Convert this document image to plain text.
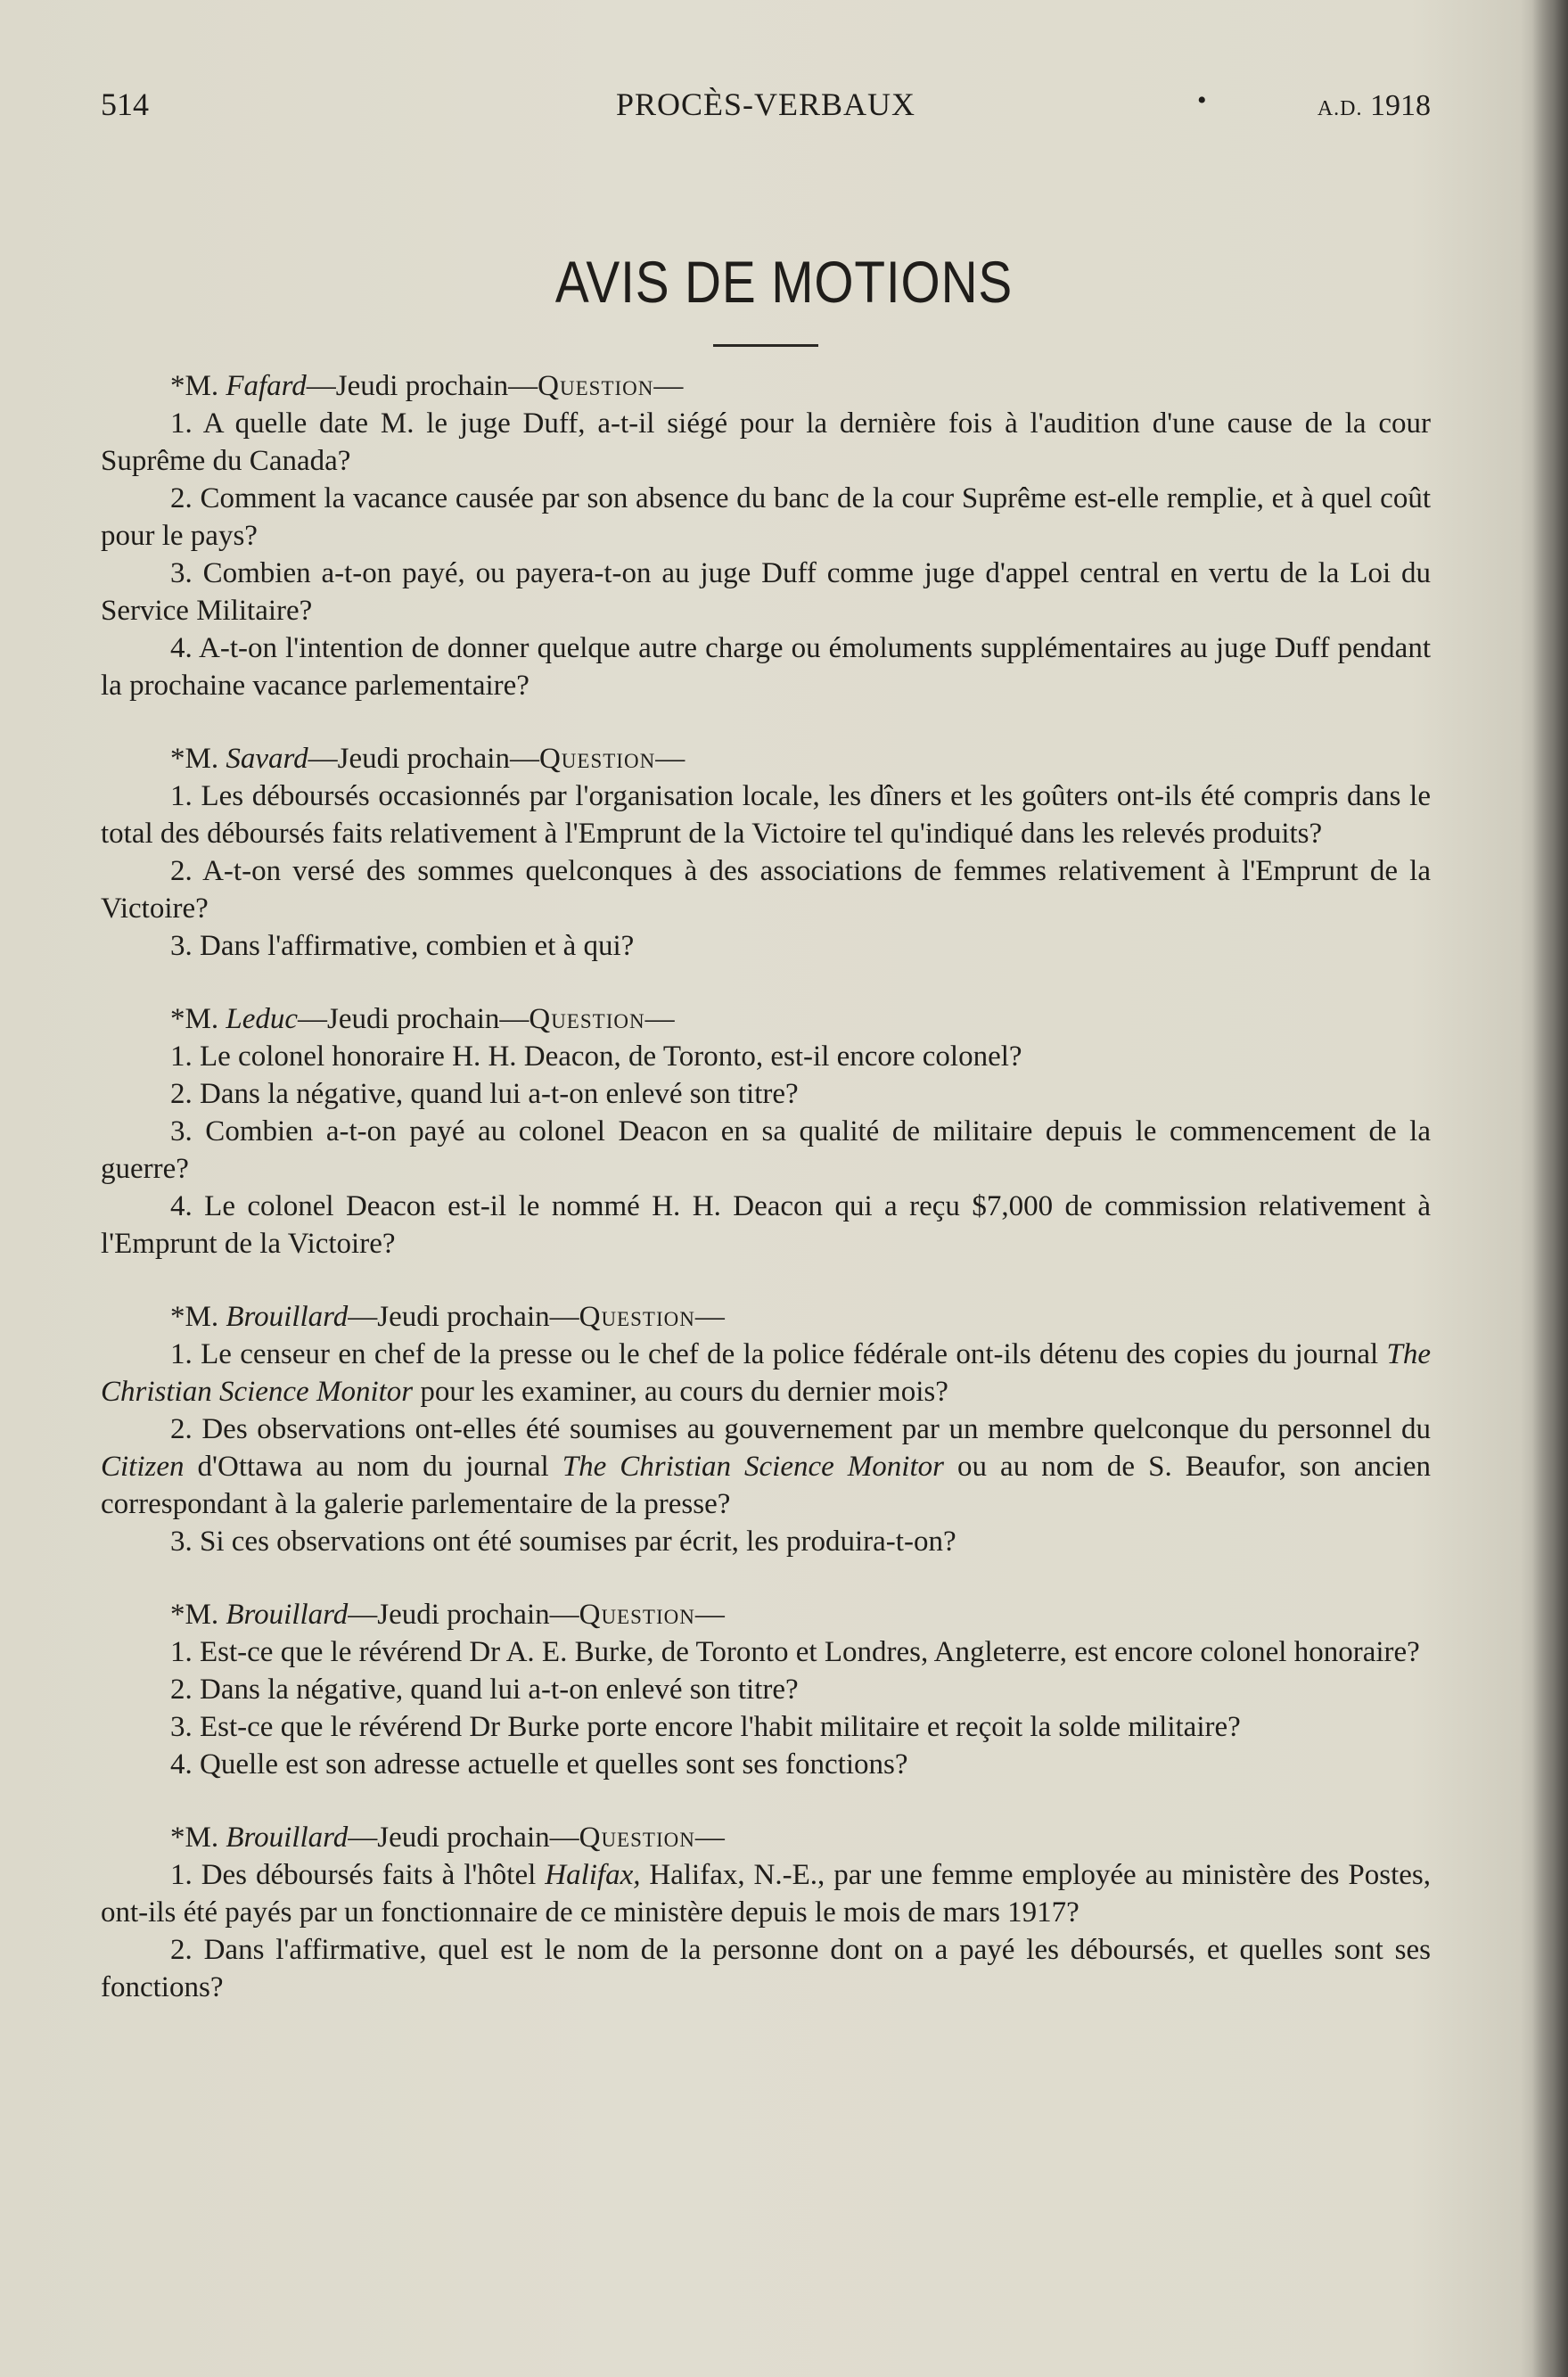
514	PROCÈS-VERBAUX	•	A.D. 1918
AVIS DE MOTIONS

*M. Fafard—Jeudi prochain—Question—

1. A quelle date M. le juge Duff, a-t-il siégé pour la dernière fois à l'audition d'une cause de la cour Suprême du Canada?

2. Comment la vacance causée par son absence du banc de la cour Suprême est-elle remplie, et à quel coût pour le pays?

3. Combien a-t-on payé, ou payera-t-on au juge Duff comme juge d'appel central en vertu de la Loi du Service Militaire?

4. A-t-on l'intention de donner quelque autre charge ou émoluments supplémentaires au juge Duff pendant la prochaine vacance parlementaire?

*M. Savard—Jeudi prochain—Question—

1. Les déboursés occasionnés par l'organisation locale, les dîners et les goûters ont-ils été compris dans le total des déboursés faits relativement à l'Emprunt de la Victoire tel qu'indiqué dans les relevés produits?

2. A-t-on versé des sommes quelconques à des associations de femmes relativement à l'Emprunt de la Victoire?

3. Dans l'affirmative, combien et à qui?

*M. Leduc—Jeudi prochain—Question—

1. Le colonel honoraire H. H. Deacon, de Toronto, est-il encore colonel?

2. Dans la négative, quand lui a-t-on enlevé son titre?

3. Combien a-t-on payé au colonel Deacon en sa qualité de militaire depuis le commencement de la guerre?

4. Le colonel Deacon est-il le nommé H. H. Deacon qui a reçu $7,000 de commission relativement à l'Emprunt de la Victoire?

*M. Brouillard—Jeudi prochain—Question—

1. Le censeur en chef de la presse ou le chef de la police fédérale ont-ils détenu des copies du journal The Christian Science Monitor pour les examiner, au cours du dernier mois?

2. Des observations ont-elles été soumises au gouvernement par un membre quelconque du personnel du Citizen d'Ottawa au nom du journal The Christian Science Monitor ou au nom de S. Beaufor, son ancien correspondant à la galerie parlementaire de la presse?

3. Si ces observations ont été soumises par écrit, les produira-t-on?

*M. Brouillard—Jeudi prochain—Question—

1. Est-ce que le révérend Dr A. E. Burke, de Toronto et Londres, Angleterre, est encore colonel honoraire?

2. Dans la négative, quand lui a-t-on enlevé son titre?

3. Est-ce que le révérend Dr Burke porte encore l'habit militaire et reçoit la solde militaire?

4. Quelle est son adresse actuelle et quelles sont ses fonctions?

*M. Brouillard—Jeudi prochain—Question—

1. Des déboursés faits à l'hôtel Halifax, Halifax, N.-E., par une femme employée au ministère des Postes, ont-ils été payés par un fonctionnaire de ce ministère depuis le mois de mars 1917?

2. Dans l'affirmative, quel est le nom de la personne dont on a payé les déboursés, et quelles sont ses fonctions?
